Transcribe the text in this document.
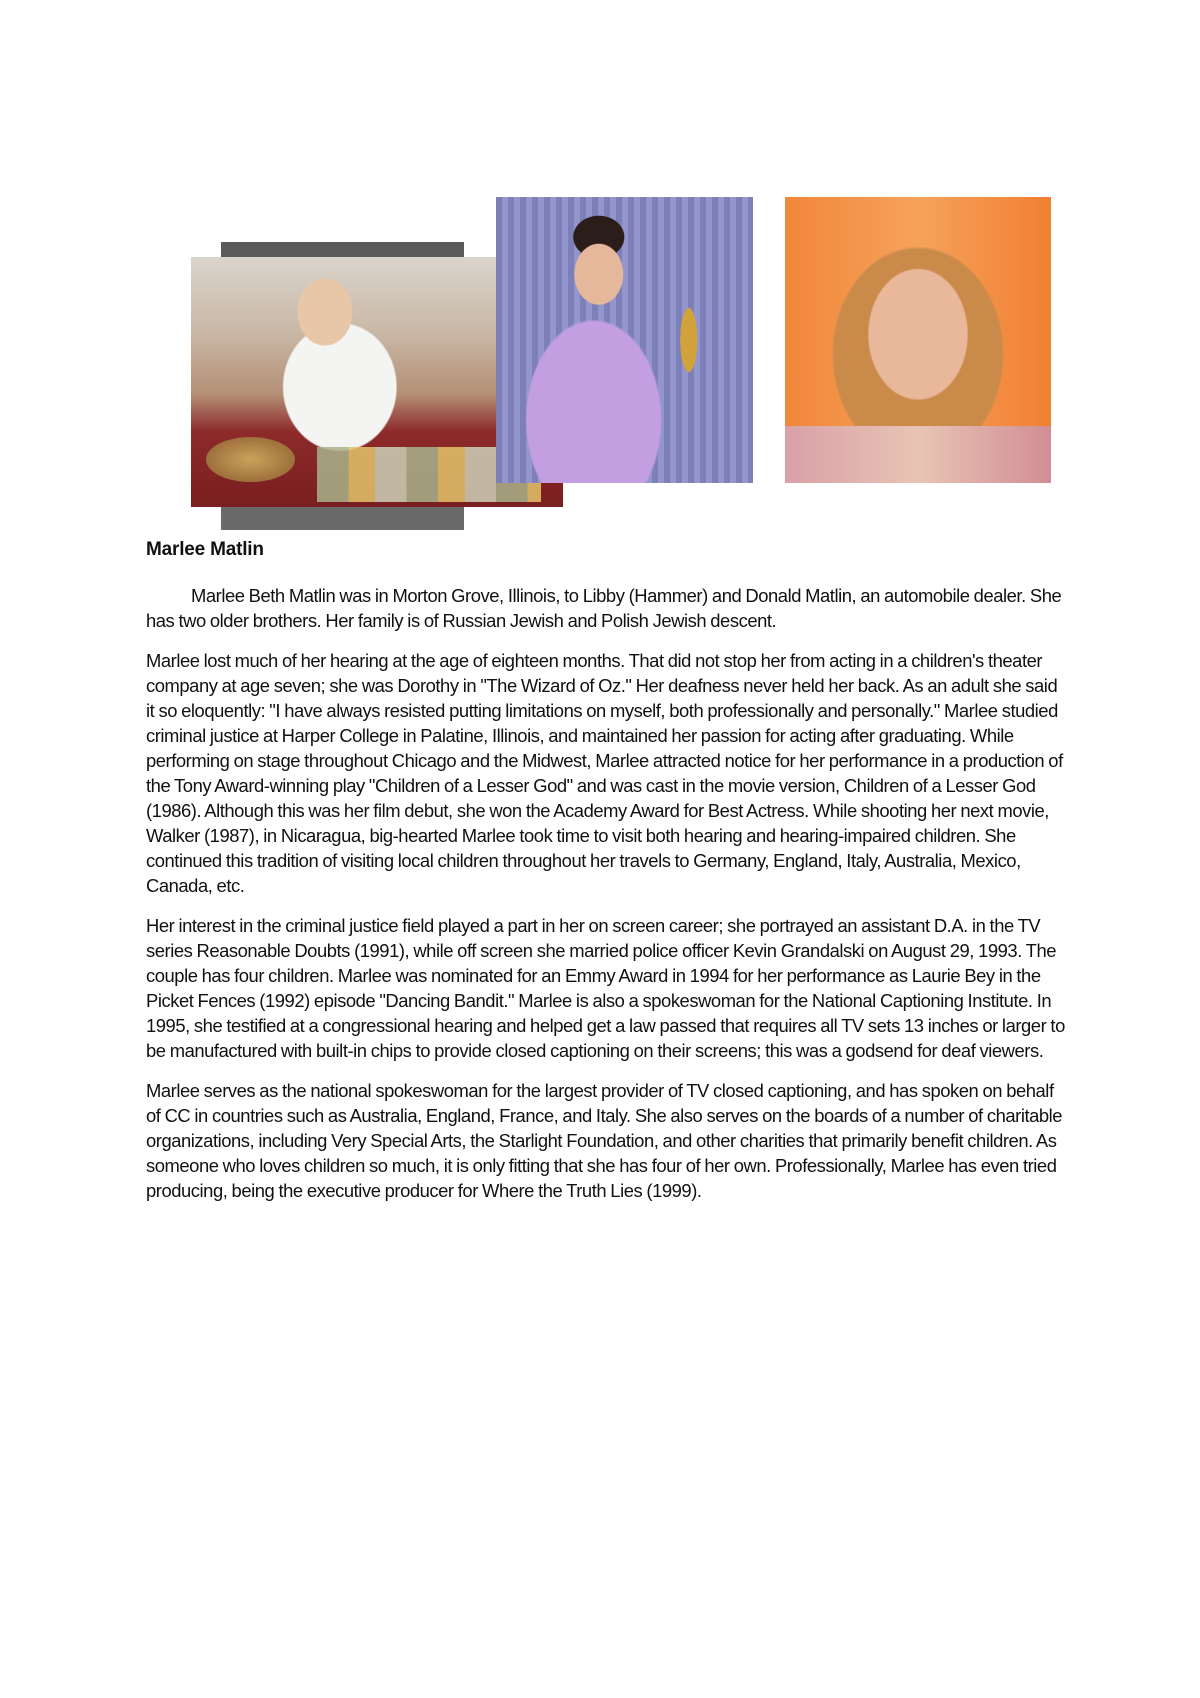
Marlee Matlin

Marlee Beth Matlin was in Morton Grove, Illinois, to Libby (Hammer) and Donald Matlin, an automobile dealer. She has two older brothers. Her family is of Russian Jewish and Polish Jewish descent.

Marlee lost much of her hearing at the age of eighteen months. That did not stop her from acting in a children's theater company at age seven; she was Dorothy in "The Wizard of Oz." Her deafness never held her back. As an adult she said it so eloquently: "I have always resisted putting limitations on myself, both professionally and personally." Marlee studied criminal justice at Harper College in Palatine, Illinois, and maintained her passion for acting after graduating. While performing on stage throughout Chicago and the Midwest, Marlee attracted notice for her performance in a production of the Tony Award-winning play "Children of a Lesser God" and was cast in the movie version, Children of a Lesser God (1986). Although this was her film debut, she won the Academy Award for Best Actress. While shooting her next movie, Walker (1987), in Nicaragua, big-hearted Marlee took time to visit both hearing and hearing-impaired children. She continued this tradition of visiting local children throughout her travels to Germany, England, Italy, Australia, Mexico, Canada, etc.

Her interest in the criminal justice field played a part in her on screen career; she portrayed an assistant D.A. in the TV series Reasonable Doubts (1991), while off screen she married police officer Kevin Grandalski on August 29, 1993. The couple has four children. Marlee was nominated for an Emmy Award in 1994 for her performance as Laurie Bey in the Picket Fences (1992) episode "Dancing Bandit." Marlee is also a spokeswoman for the National Captioning Institute. In 1995, she testified at a congressional hearing and helped get a law passed that requires all TV sets 13 inches or larger to be manufactured with built-in chips to provide closed captioning on their screens; this was a godsend for deaf viewers.

Marlee serves as the national spokeswoman for the largest provider of TV closed captioning, and has spoken on behalf of CC in countries such as Australia, England, France, and Italy. She also serves on the boards of a number of charitable organizations, including Very Special Arts, the Starlight Foundation, and other charities that primarily benefit children. As someone who loves children so much, it is only fitting that she has four of her own. Professionally, Marlee has even tried producing, being the executive producer for Where the Truth Lies (1999).
